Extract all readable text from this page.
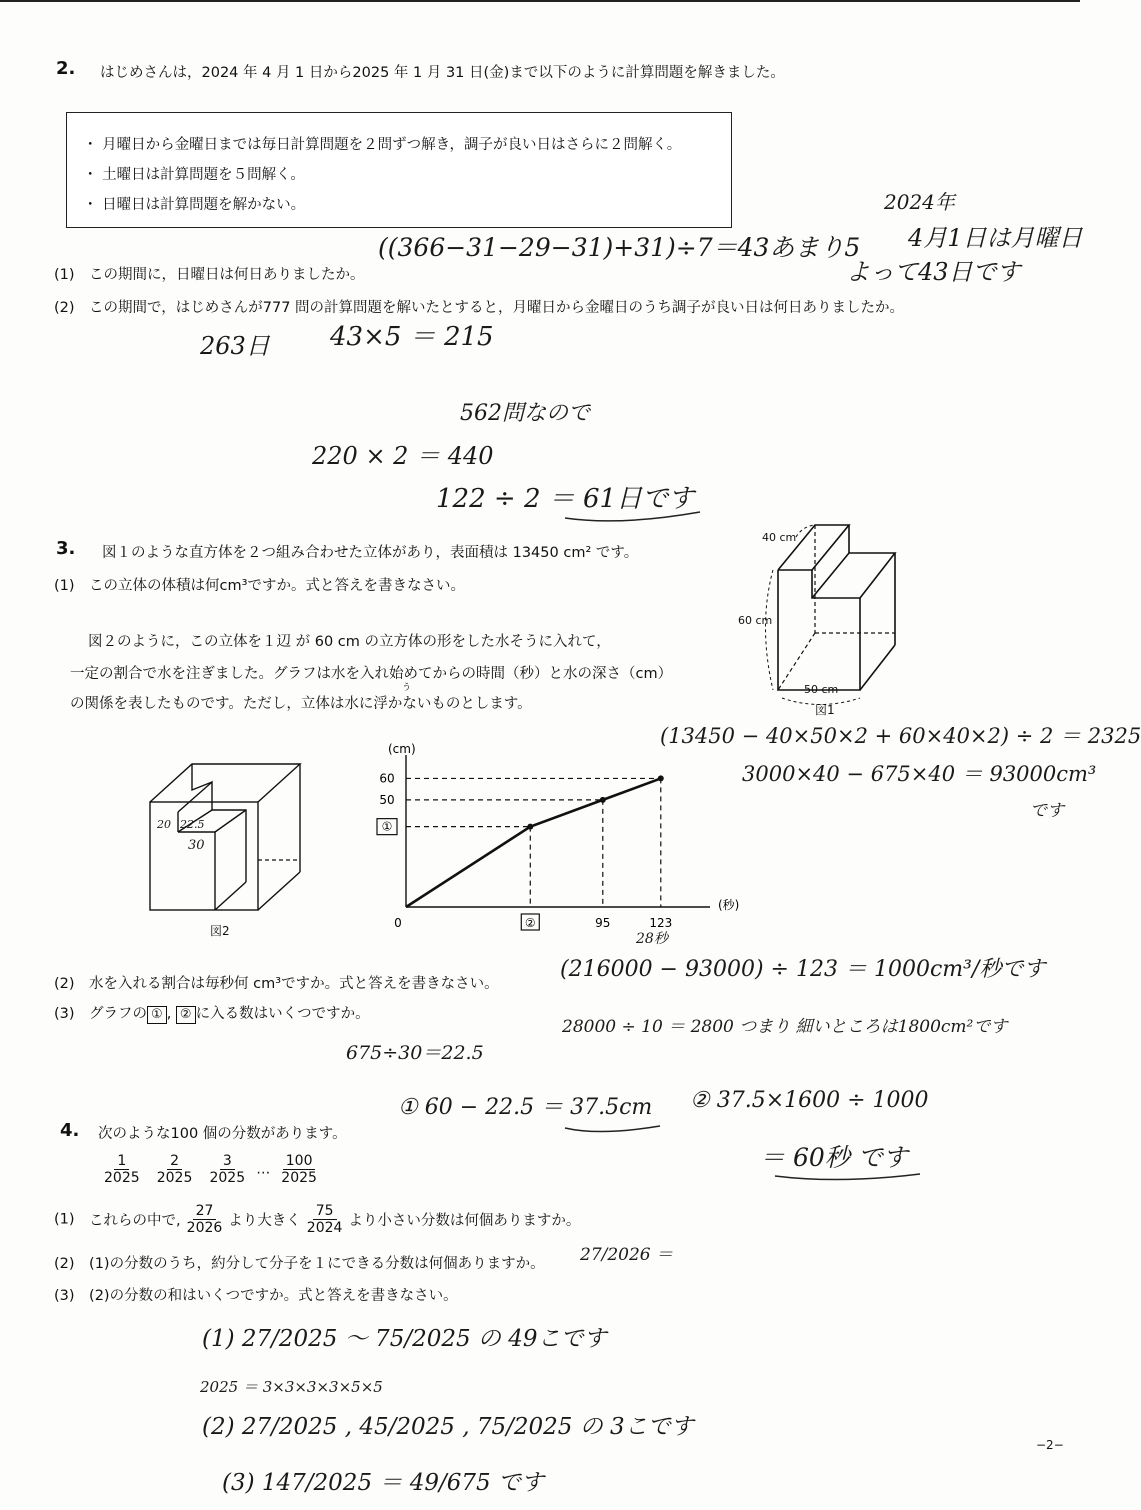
2. はじめさんは，2024 年 4 月 1 日から2025 年 1 月 31 日(金)まで以下のように計算問題を解きました。
・ 月曜日から金曜日までは毎日計算問題を２問ずつ解き，調子が良い日はさらに２問解く。
・ 土曜日は計算問題を５問解く。
・ 日曜日は計算問題を解かない。
(1)　 この期間に，日曜日は何日ありましたか。
(2)　 この期間で，はじめさんが777 問の計算問題を解いたとすると，月曜日から金曜日のうち調子が良い日は何日ありましたか。
2024年
4月1日は月曜日
((366−31−29−31)+31)÷7＝43あまり5
よって43日です
263日 43×5 ＝ 215
562問なので
220 × 2 ＝ 440
122 ÷ 2 ＝ 61日です
3. 図１のような直方体を２つ組み合わせた立体があり，表面積は 13450 cm² です。
(1)　 この立体の体積は何cm³ですか。式と答えを書きなさい。
図２のように，この立体を１辺 が 60 cm の立方体の形をした水そうに入れて，
一定の割合で水を注ぎました。グラフは水を入れ始めてからの時間（秒）と水の深さ（cm）
の関係を表したものです。ただし，立体は水に浮かないものとします。
う
40 cm
60 cm
50 cm
図1
20 22.5
30
図2
(cm)
(秒)
0	②	95	123
①
50
60
(2)　 水を入れる割合は毎秒何 cm³ですか。式と答えを書きなさい。
(3)　 グラフの ① , ② に入る数はいくつですか。
(13450 − 40×50×2 + 60×40×2) ÷ 2 ＝ 2325
3000×40 − 675×40 ＝ 93000cm³
です
28秒
(216000 − 93000) ÷ 123 ＝ 1000cm³/秒です
28000 ÷ 10 ＝ 2800 つまり 細いところは1800cm²です
675÷30＝22.5
① 60 − 22.5 ＝ 37.5cm ② 37.5×1600 ÷ 1000
＝ 60秒 です
4. 次のような100 個の分数があります。
$\frac{1}{2025}$
$\frac{2}{2025}$
$\frac{3}{2025}$ … $\frac{100}{2025}$
(1)　 これらの中で, $\frac{27}{2026}$ より大きく $\frac{75}{2024}$ より小さい分数は何個ありますか。
(2)　 (1)の分数のうち，約分して分子を１にできる分数は何個ありますか。
(3)　 (2)の分数の和はいくつですか。式と答えを書きなさい。
27/2026 ＝
(1) 27/2025 〜 75/2025 の 49こです
2025 ＝ 3×3×3×3×5×5
(2) 27/2025 , 45/2025 , 75/2025 の 3こです
(3) 147/2025 ＝ 49/675 です
−2−
